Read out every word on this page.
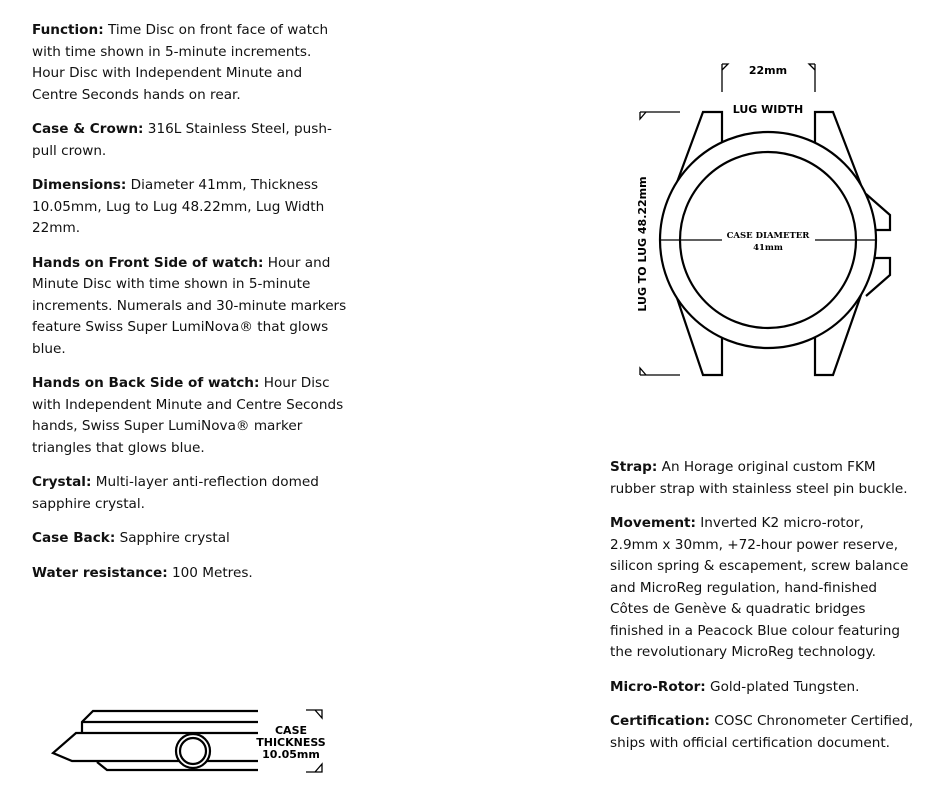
Function: Time Disc on front face of watch with time shown in 5-minute increments. Hour Disc with Independent Minute and Centre Seconds hands on rear.

Case & Crown: 316L Stainless Steel, push-pull crown.

Dimensions: Diameter 41mm, Thickness 10.05mm, Lug to Lug 48.22mm, Lug Width 22mm.

Hands on Front Side of watch: Hour and Minute Disc with time shown in 5-minute increments. Numerals and 30-minute markers feature Swiss Super LumiNova® that glows blue.

Hands on Back Side of watch: Hour Disc with Independent Minute and Centre Seconds hands, Swiss Super LumiNova® marker triangles that glows blue.

Crystal: Multi-layer anti-reflection domed sapphire crystal.

Case Back: Sapphire crystal

Water resistance: 100 Metres.

Strap: An Horage original custom FKM rubber strap with stainless steel pin buckle.

Movement: Inverted K2 micro-rotor, 2.9mm x 30mm, +72-hour power reserve, silicon spring & escapement, screw balance and MicroReg regulation, hand-finished Côtes de Genève & quadratic bridges finished in a Peacock Blue colour featuring the revolutionary MicroReg technology.

Micro-Rotor: Gold-plated Tungsten.

Certification: COSC Chronometer Certified, ships with official certification document.

22mm
LUG WIDTH
LUG TO LUG 48.22mm	CASE DIAMETER
41mm
CASE
THICKNESS
10.05mm
